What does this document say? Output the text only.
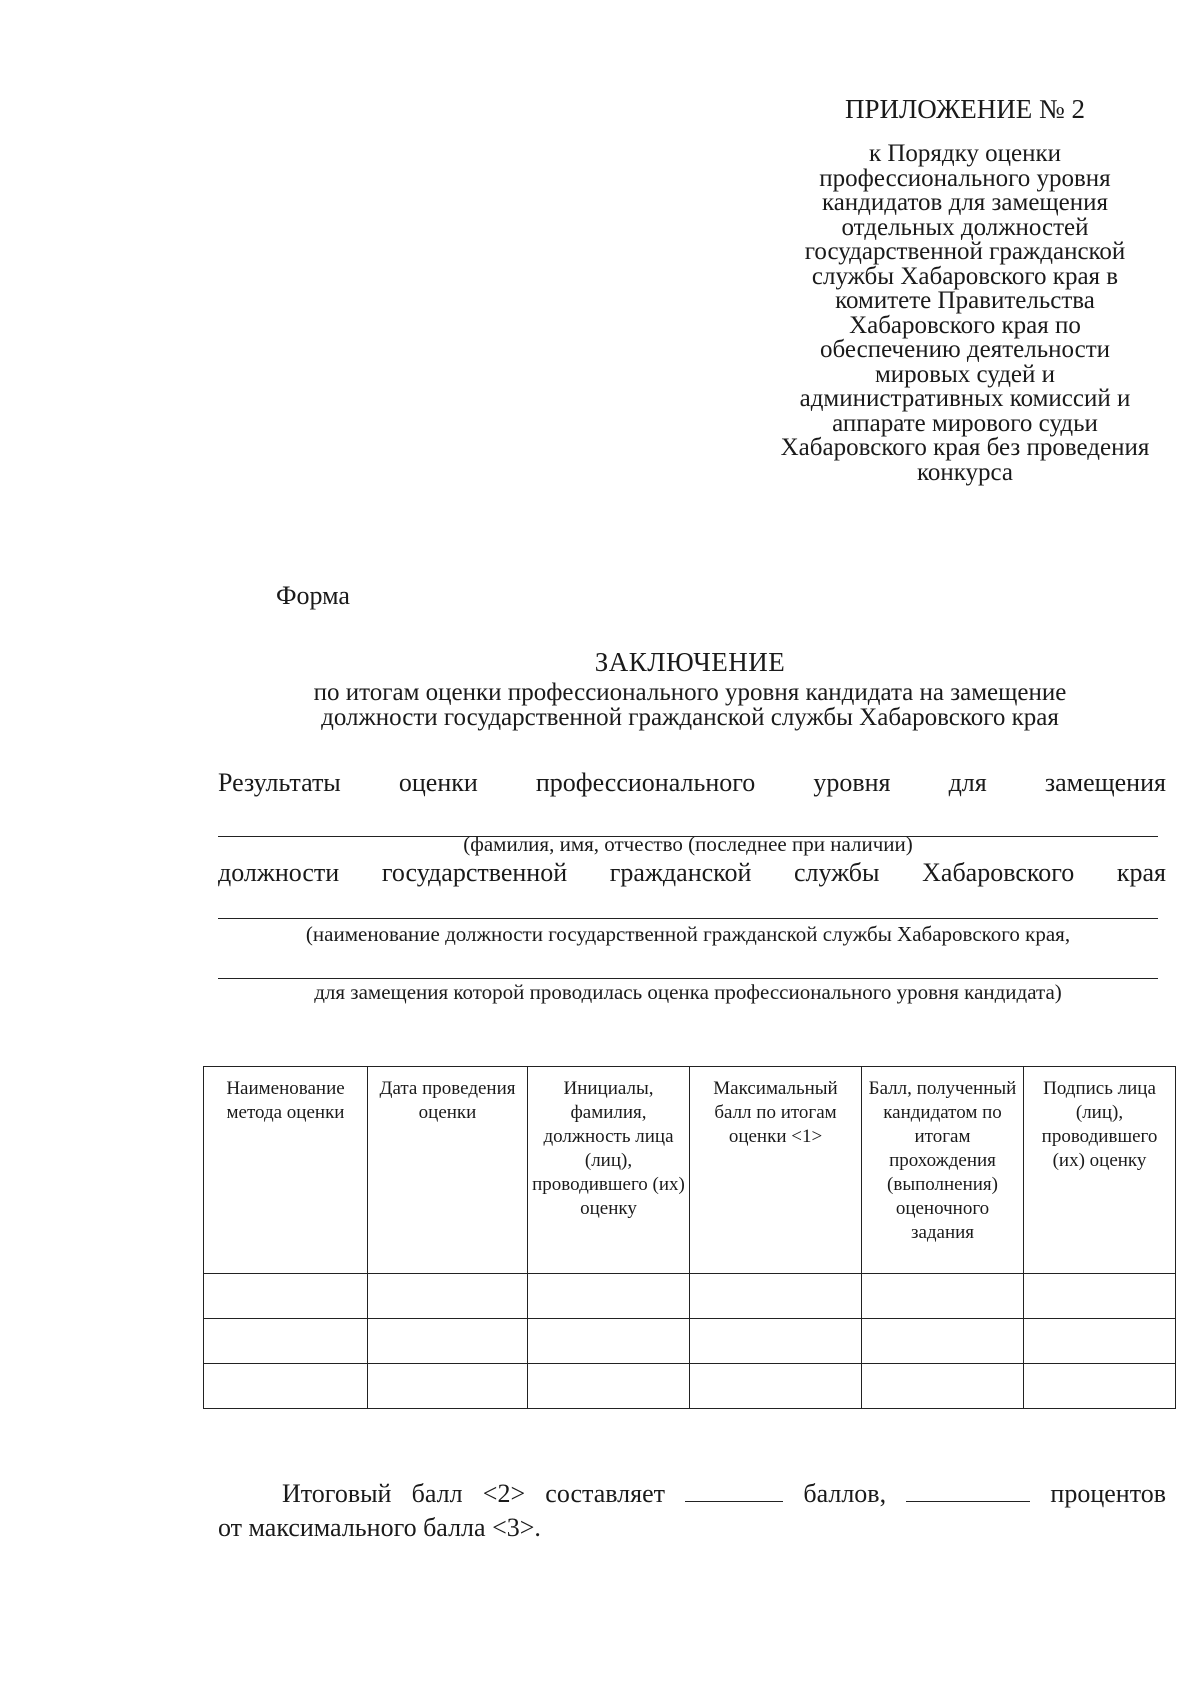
ПРИЛОЖЕНИЕ № 2
к Порядку оценки
профессионального уровня
кандидатов для замещения
отдельных должностей
государственной гражданской
службы Хабаровского края в
комитете Правительства
Хабаровского края по
обеспечению деятельности
мировых судей и
административных комиссий и
аппарате мирового судьи
Хабаровского края без проведения
конкурса
Форма
ЗАКЛЮЧЕНИЕ
по итогам оценки профессионального уровня кандидата на замещение
должности государственной гражданской службы Хабаровского края
Результаты оценки профессионального уровня для замещения
(фамилия, имя, отчество (последнее при наличии)
должности государственной гражданской службы Хабаровского края
(наименование должности государственной гражданской службы Хабаровского края,
для замещения которой проводилась оценка профессионального уровня кандидата)
Наименование метода оценки	Дата проведения оценки	Инициалы, фамилия, должность лица (лиц), проводившего (их) оценку	Максимальный балл по итогам оценки <1>	Балл, полученный кандидатом по итогам прохождения (выполнения) оценочного задания	Подпись лица (лиц), проводившего (их) оценку

Итоговый балл <2> составляет	баллов,	процентов
от максимального балла <3>.
